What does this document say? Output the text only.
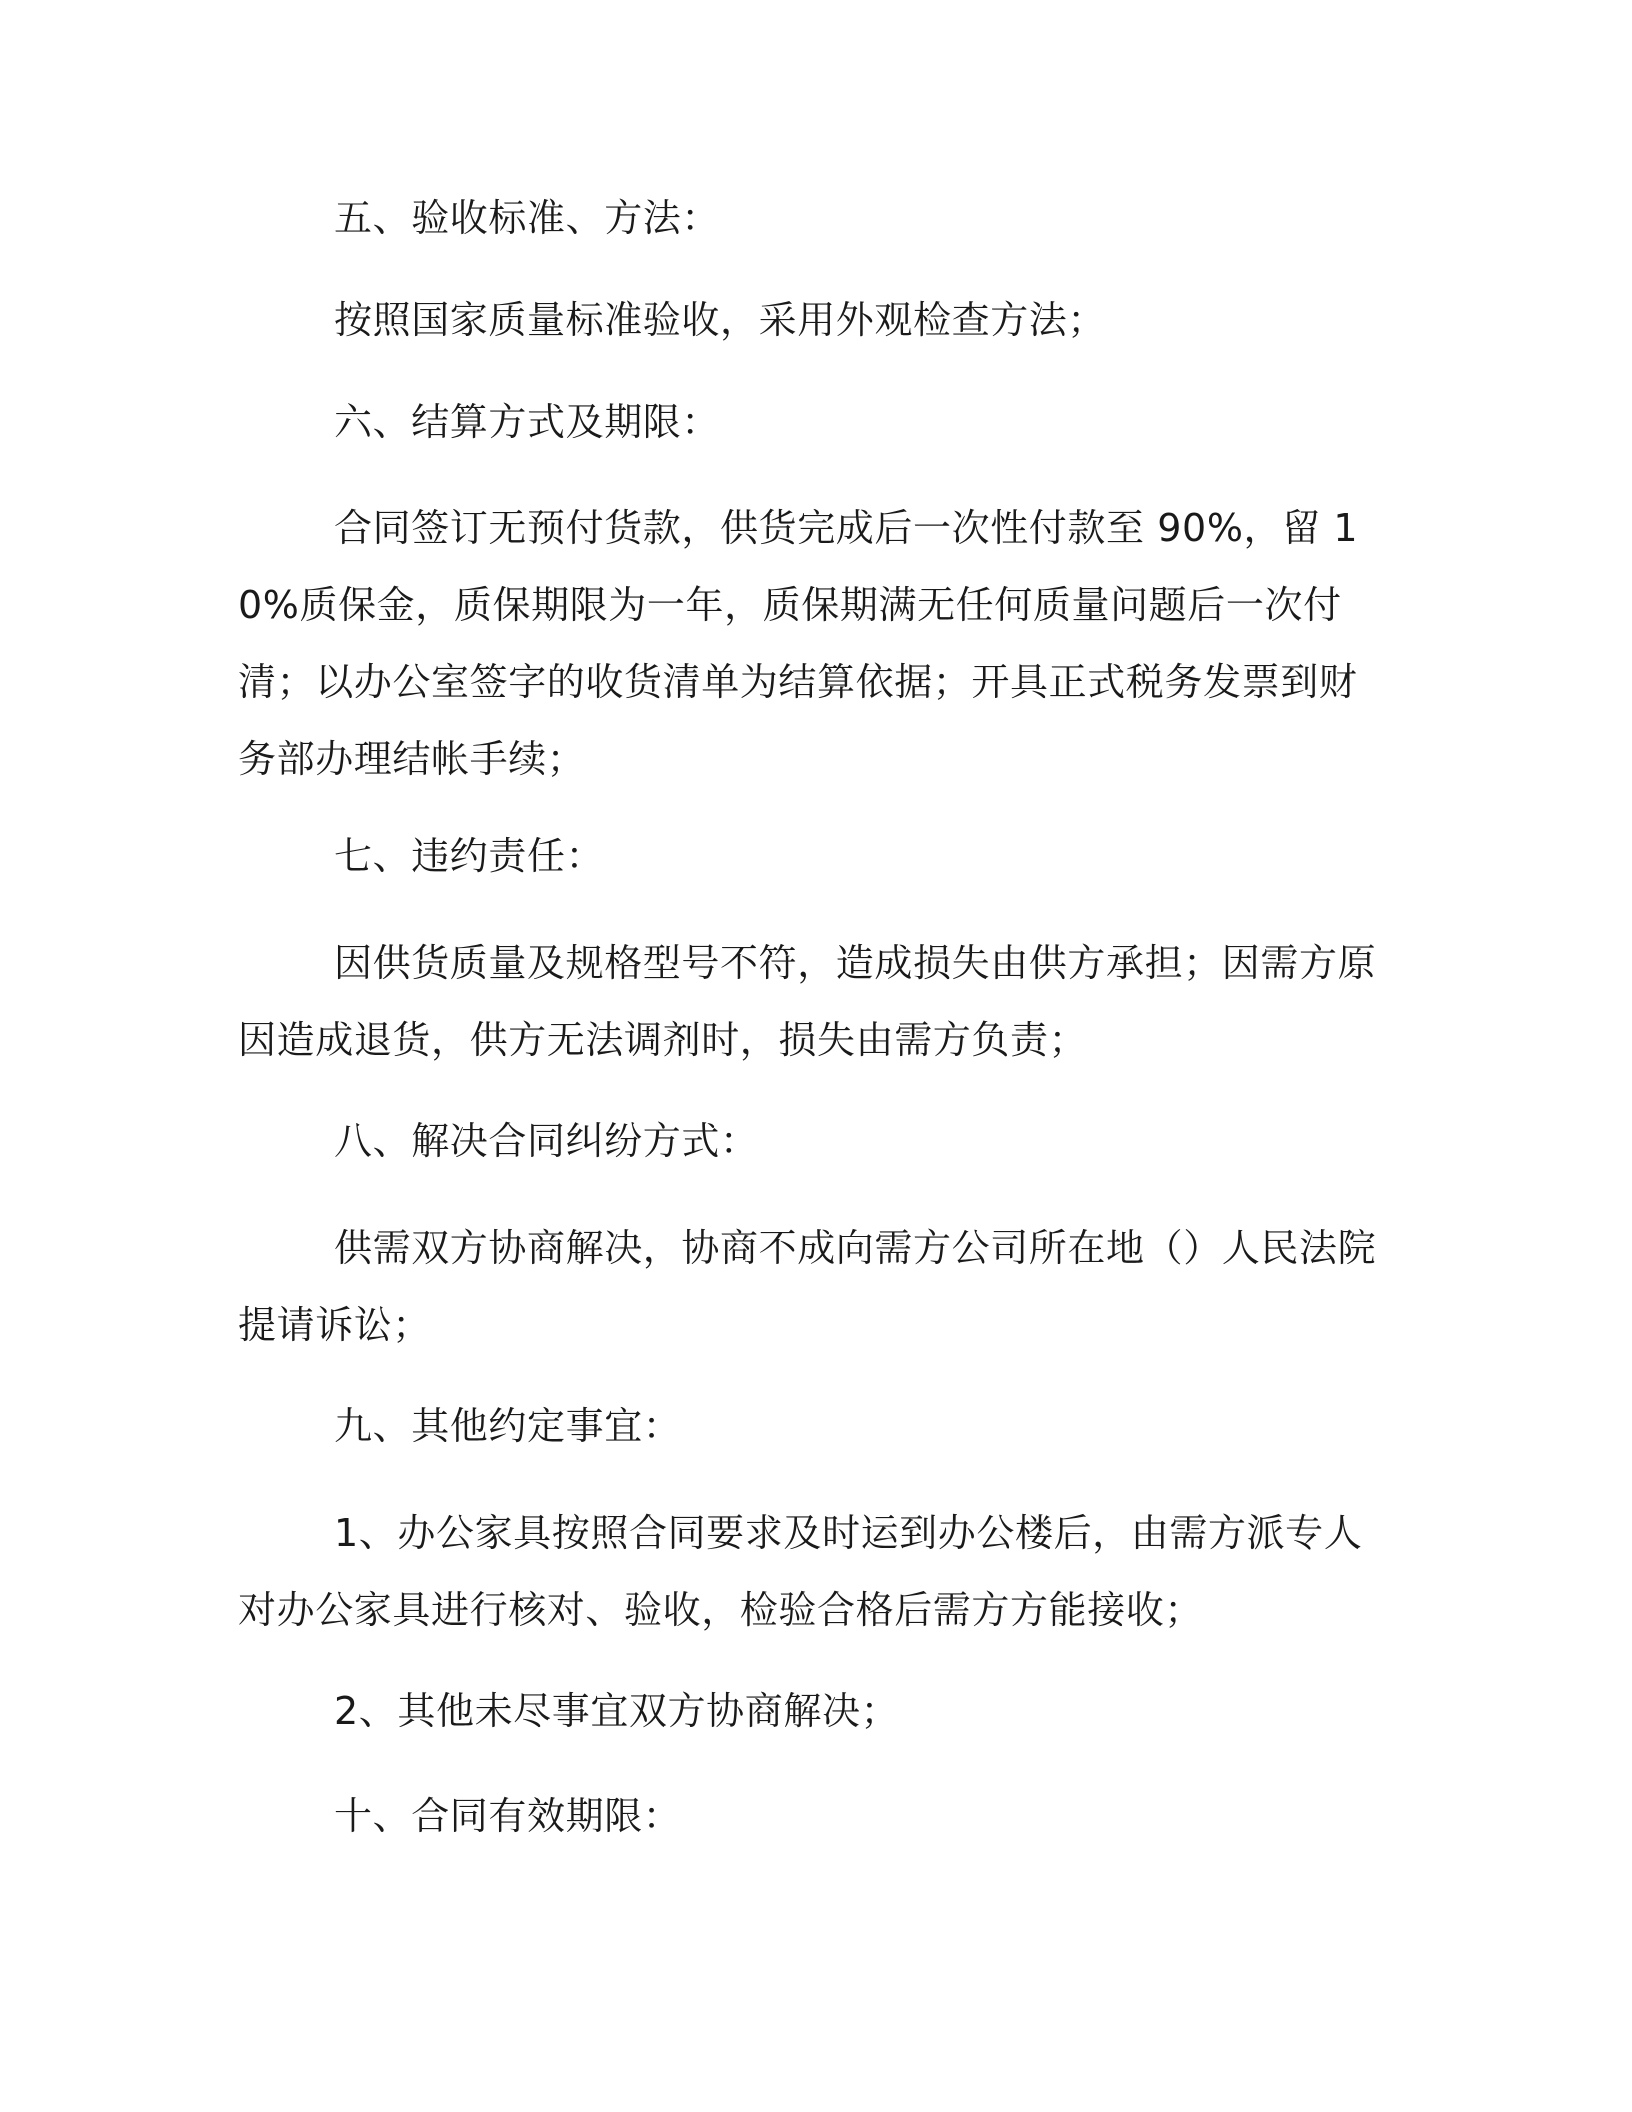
五、验收标准、方法：

按照国家质量标准验收，采用外观检查方法；

六、结算方式及期限：

合同签订无预付货款，供货完成后一次性付款至 90%，留 10%质保金，质保期限为一年，质保期满无任何质量问题后一次付清；以办公室签字的收货清单为结算依据；开具正式税务发票到财务部办理结帐手续；

七、违约责任：

因供货质量及规格型号不符，造成损失由供方承担；因需方原因造成退货，供方无法调剂时，损失由需方负责；

八、解决合同纠纷方式：

供需双方协商解决，协商不成向需方公司所在地（）人民法院提请诉讼；

九、其他约定事宜：

1、办公家具按照合同要求及时运到办公楼后，由需方派专人对办公家具进行核对、验收，检验合格后需方方能接收；

2、其他未尽事宜双方协商解决；

十、合同有效期限：
